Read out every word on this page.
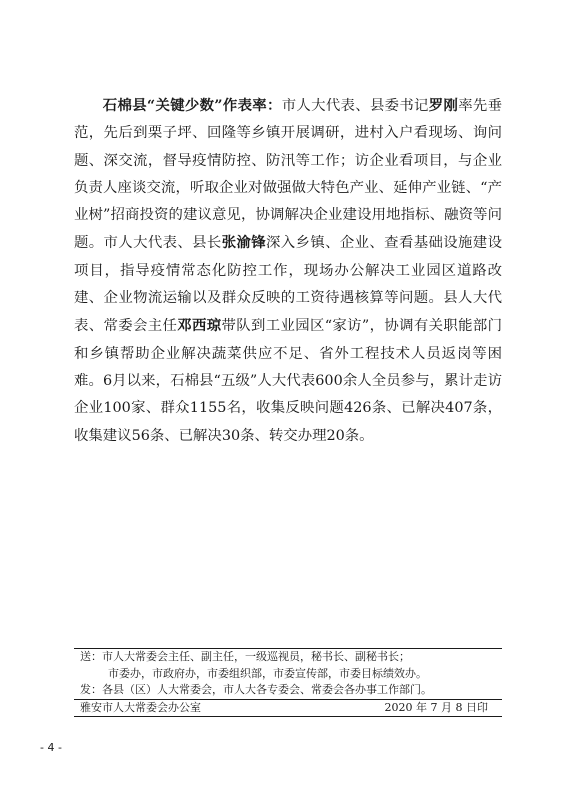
石棉县“关键少数”作表率：市人大代表、县委书记罗刚率先垂范，先后到栗子坪、回隆等乡镇开展调研，进村入户看现场、询问题、深交流，督导疫情防控、防汛等工作；访企业看项目，与企业负责人座谈交流，听取企业对做强做大特色产业、延伸产业链、“产业树”招商投资的建议意见，协调解决企业建设用地指标、融资等问题。市人大代表、县长张渝锋深入乡镇、企业、查看基础设施建设项目，指导疫情常态化防控工作，现场办公解决工业园区道路改建、企业物流运输以及群众反映的工资待遇核算等问题。县人大代表、常委会主任邓西琼带队到工业园区“家访”，协调有关职能部门和乡镇帮助企业解决蔬菜供应不足、省外工程技术人员返岗等困难。6月以来，石棉县“五级”人大代表600余人全员参与，累计走访企业100家、群众1155名，收集反映问题426条、已解决407条，收集建议56条、已解决30条、转交办理20条。

送：市人大常委会主任、副主任，一级巡视员，秘书长、副秘书长；
市委办，市政府办，市委组织部，市委宣传部，市委目标绩效办。
发：各县（区）人大常委会，市人大各专委会、常委会各办事工作部门。
雅安市人大常委会办公室	2020 年 7 月 8 日印
- 4 -
